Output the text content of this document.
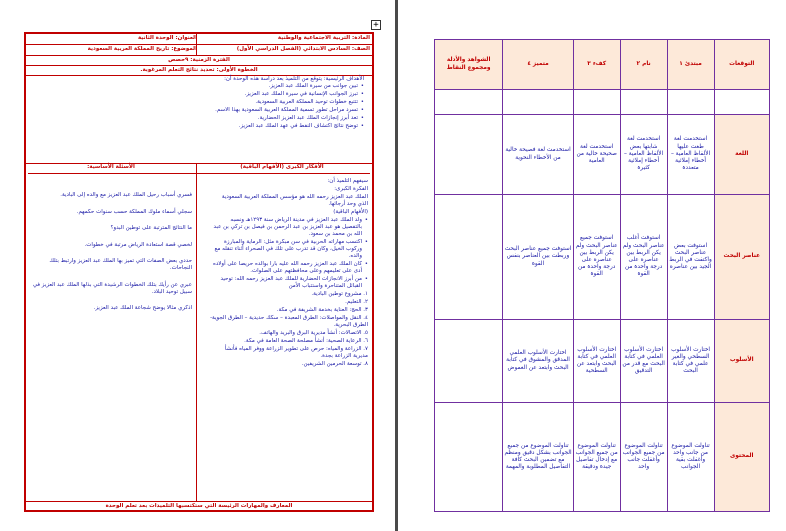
+
المادة: التربية الاجتماعية والوطنية
العنوان: الوحدة الثانية
الصف: السادس الابتدائي (الفصل الدراسي الأول)
الموضوع: تاريخ المملكة العربية السعودية
الفترة الزمنية: ٩حصص
الخطوة الأولى: تحديد نتائج التعلم المرغوبة.

الأهداف الرئيسية: يتوقع من التلميذ بعد دراسة هذه الوحدة أن:

• تبين جوانب من سيرة الملك عبد العزيز.
• تبرز الجوانب الإنسانية في سيرة الملك عبد العزيز.
• تتتبع خطوات توحيد المملكة العربية السعودية.
• تسرد مراحل تطور تسمية المملكة العربية السعودية بهذا الاسم.
• تعد أبرز إنجازات الملك عبد العزيز الحضارية.
• توضح نتائج اكتشاف النفط في عهد الملك عبد العزيز.
الأفكار الكبرى (الأفهام الباقية)
الأسئلة الأساسية:

سيفهم التلميذ أن:

الفكرة الكبرى:

الملك عبد العزيز رحمه الله هو مؤسس المملكة العربية السعودية الذي وحد أرجائها.

(الأفهام الباقية)

• ولد الملك عبد العزيز في مدينة الرياض سنة ١٢٩٣هـ ونسبه بالتفصيل هو عبد العزيز بن عبد الرحمن بن فيصل بن تركي بن عبد الله بن محمد بن سعود.
• اكتسب مهاراته الحربية في سن مبكرة مثل: الرماية والمبارزة وركوب الخيل، وكان قد تدرب على تلك في الصحراء أثناء تنقله مع والده.
• كان الملك عبد العزيز رحمه الله عليه بارا بوالده حريصا على أولاده أدى على تعليمهم وعلى محافظتهم على الصلوات.
• من أبرز الانجازات الحضارية للملك عبد العزيز رحمه الله: توحيد القبائل المتناحرة واستتباب الأمن

١. مشروع توطين البادية.

٢. التعليم.

٣. الحج: العناية بخدمة الشريفة في مكة.

٤. النقل والمواصلات: الطرق المعبدة – سكك حديدية – الطرق الجوية- الطرق البحرية.

٥. الاتصالات: أنشأ مديرية البرق والبريد والهاتف.

٦. الرعاية الصحية: أنشأ مصلحة الصحة العامة في مكة.

٧. الزراعة والمياه: حرص على تطوير الزراعة ووفر المياه فأنشأ مديرية الزراعة بجدة.

٨. توسعة الحرمين الشريفين.

فسري أسباب رحيل الملك عبد العزيز مع والده إلى البادية.

سجلي أسماء ملوك المملكة حسب سنوات حكمهم.

ما النتائج المترتبة على توطين البدو؟

لخصي قصة استعادة الرياض مرتبة في خطوات.

حددي بعض الصفات التي تميز بها الملك عبد العزيز وارتبط بتلك النجاحات.

عبري عن رأيك بتلك الخطوات الرشيدة التي بذلها الملك عبد العزيز في سبيل توحيد البلاد.

اذكري مثالا يوضح شجاعة الملك عبد العزيز.

المعارف والمهارات الرئيسة التي ستكتسبها التلميذات بعد تعلم الوحدة
التوقعات	مبتدئ ١	نام ٢	كفء ٣	متميز ٤	الشواهد والأدلة ومجموع النقاط

اللغة	استخدمت لغة طغت عليها الألفاظ العامية – أخطاء إملائية متعددة	استخدمت لغة شابتها بعض الألفاظ العامية – أخطاء إملائية كثيرة	استخدمت لغة صحيحة خالية من العامية	استخدمت لغة فصيحة خالية من الأخطاء النحوية	
عناصر البحث	استوفت بعض عناصر البحث واكتفت في الربط الجيد بين عناصره	استوفت أغلب عناصر البحث ولم يكن الربط بين عناصره على درجة واحدة من القوة	استوفت جميع عناصر البحث ولم يكن الربط بين عناصره على درجة واحدة من القوة	استوفت جميع عناصر البحث وربطت بين العناصر بنفس القوة	
الأسلوب	اختارت الأسلوب السطحي والغير علمي في كتابة البحث	اختارت الأسلوب العلمي في كتابة البحث مع قدر من التدقيق	اختارت الأسلوب العلمي في كتابة البحث وابتعد عن السطحية	اختارت الأسلوب العلمي المدقق والمشوق في كتابة البحث وابتعد عن الغموض	
المحتوى	تناولت الموضوع من جانب واحد وأغفلت بقية الجوانب	تناولت الموضوع من جميع الجوانب وأغفلت جانب واحد	تناولت الموضوع من جميع الجوانب مع إدخال تفاصيل جيدة ودقيقة	تناولت الموضوع من جميع الجوانب بشكل دقيق ومنظم مع تضمين البحث كافة التفاصيل المطلوبة والمهمة	
